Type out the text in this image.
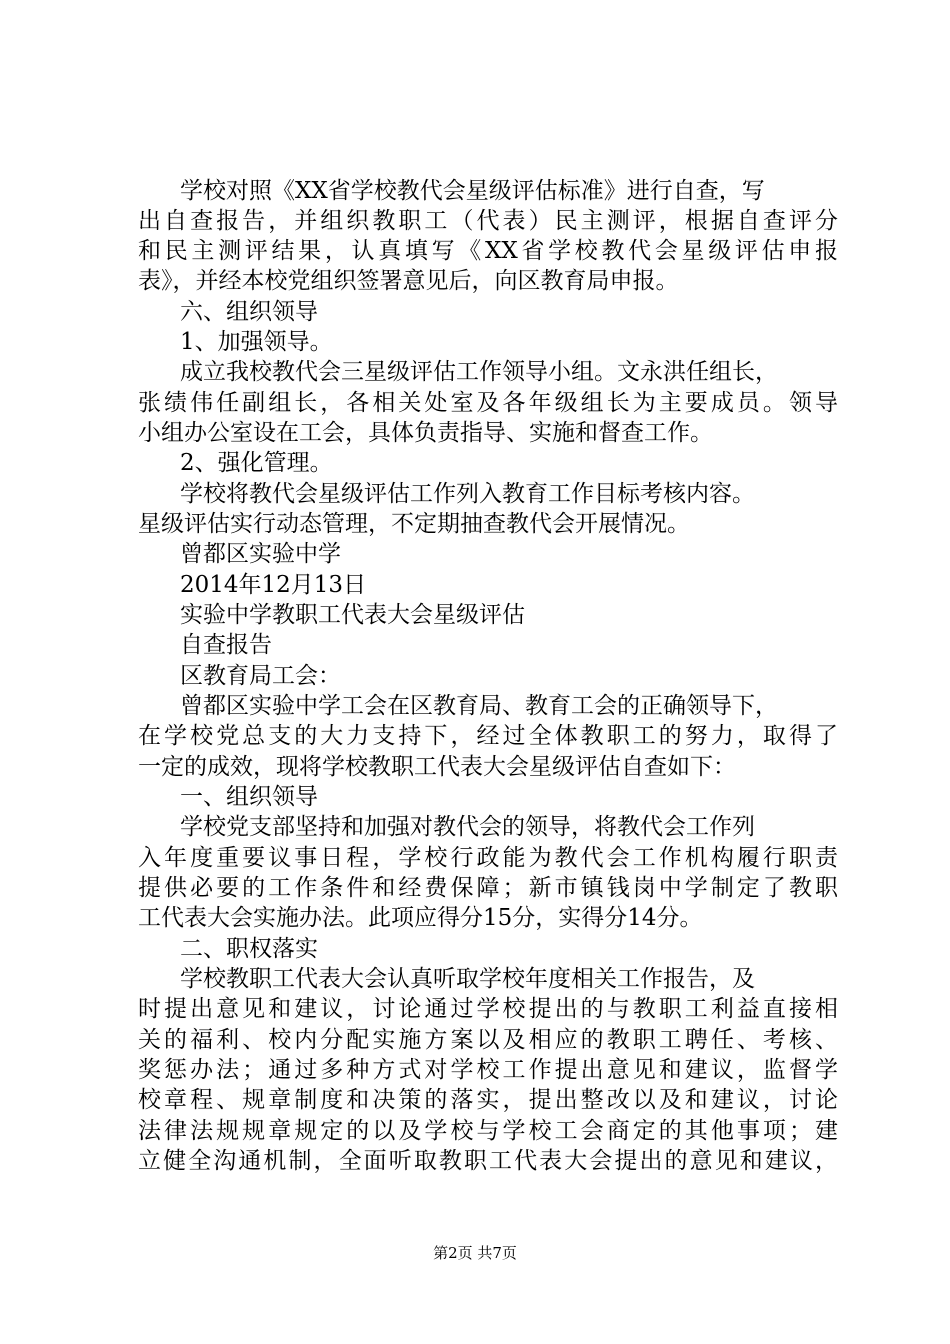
学校对照《XX省学校教代会星级评估标准》进行自查，写
出自查报告，并组织教职工（代表）民主测评，根据自查评分
和民主测评结果，认真填写《XX省学校教代会星级评估申报
表》，并经本校党组织签署意见后，向区教育局申报。
六、组织领导
1、加强领导。
成立我校教代会三星级评估工作领导小组。文永洪任组长，
张绩伟任副组长，各相关处室及各年级组长为主要成员。领导
小组办公室设在工会，具体负责指导、实施和督查工作。
2、强化管理。
学校将教代会星级评估工作列入教育工作目标考核内容。
星级评估实行动态管理，不定期抽查教代会开展情况。
曾都区实验中学
2014年12月13日
实验中学教职工代表大会星级评估
自查报告
区教育局工会：
曾都区实验中学工会在区教育局、教育工会的正确领导下，
在学校党总支的大力支持下，经过全体教职工的努力，取得了
一定的成效，现将学校教职工代表大会星级评估自查如下：
一、组织领导
学校党支部坚持和加强对教代会的领导，将教代会工作列
入年度重要议事日程，学校行政能为教代会工作机构履行职责
提供必要的工作条件和经费保障；新市镇钱岗中学制定了教职
工代表大会实施办法。此项应得分15分，实得分14分。
二、职权落实
学校教职工代表大会认真听取学校年度相关工作报告，及
时提出意见和建议，讨论通过学校提出的与教职工利益直接相
关的福利、校内分配实施方案以及相应的教职工聘任、考核、
奖惩办法；通过多种方式对学校工作提出意见和建议，监督学
校章程、规章制度和决策的落实，提出整改以及和建议，讨论
法律法规规章规定的以及学校与学校工会商定的其他事项；建
立健全沟通机制，全面听取教职工代表大会提出的意见和建议，
第2页 共7页
